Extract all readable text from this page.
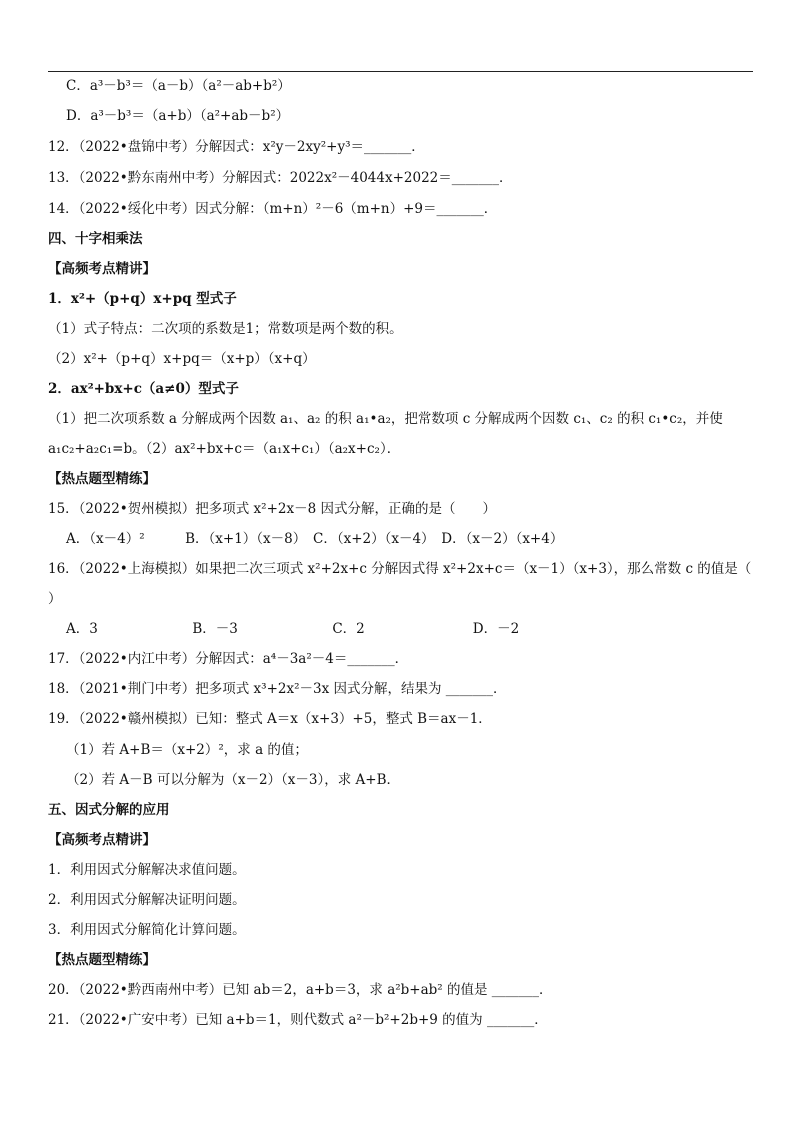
C．a³－b³＝（a－b）（a²－ab+b²）
D．a³－b³＝（a+b）（a²+ab－b²）
12．（2022•盘锦中考）分解因式：x²y－2xy²+y³＝_______．
13．（2022•黔东南州中考）分解因式：2022x²－4044x+2022＝_______．
14．（2022•绥化中考）因式分解：（m+n）²－6（m+n）+9＝_______．
四、十字相乘法
【高频考点精讲】
1．x²+（p+q）x+pq 型式子
（1）式子特点：二次项的系数是1；常数项是两个数的积。
（2）x²+（p+q）x+pq＝（x+p）（x+q）
2．ax²+bx+c（a≠0）型式子
（1）把二次项系数 a 分解成两个因数 a₁、a₂ 的积 a₁•a₂，把常数项 c 分解成两个因数 c₁、c₂ 的积 c₁•c₂，并使
a₁c₂+a₂c₁=b。（2）ax²+bx+c＝（a₁x+c₁）（a₂x+c₂）．
【热点题型精练】
15．（2022•贺州模拟）把多项式 x²+2x－8 因式分解，正确的是（　　）
A．（x－4）²　　　B．（x+1）（x－8）　C．（x+2）（x－4）　D．（x－2）（x+4）
16．（2022•上海模拟）如果把二次三项式 x²+2x+c 分解因式得 x²+2x+c＝（x－1）（x+3），那么常数 c 的值是（
）
A．3　　　　　　　B．－3　　　　　　　C．2　　　　　　　　D．－2
17．（2022•内江中考）分解因式：a⁴－3a²－4＝_______．
18．（2021•荆门中考）把多项式 x³+2x²－3x 因式分解，结果为 _______．
19．（2022•赣州模拟）已知：整式 A＝x（x+3）+5，整式 B＝ax－1．
（1）若 A+B＝（x+2）²，求 a 的值；
（2）若 A－B 可以分解为（x－2）（x－3），求 A+B．
五、因式分解的应用
【高频考点精讲】
1．利用因式分解解决求值问题。
2．利用因式分解解决证明问题。
3．利用因式分解简化计算问题。
【热点题型精练】
20．（2022•黔西南州中考）已知 ab＝2，a+b＝3，求 a²b+ab² 的值是 _______．
21．（2022•广安中考）已知 a+b＝1，则代数式 a²－b²+2b+9 的值为 _______．
